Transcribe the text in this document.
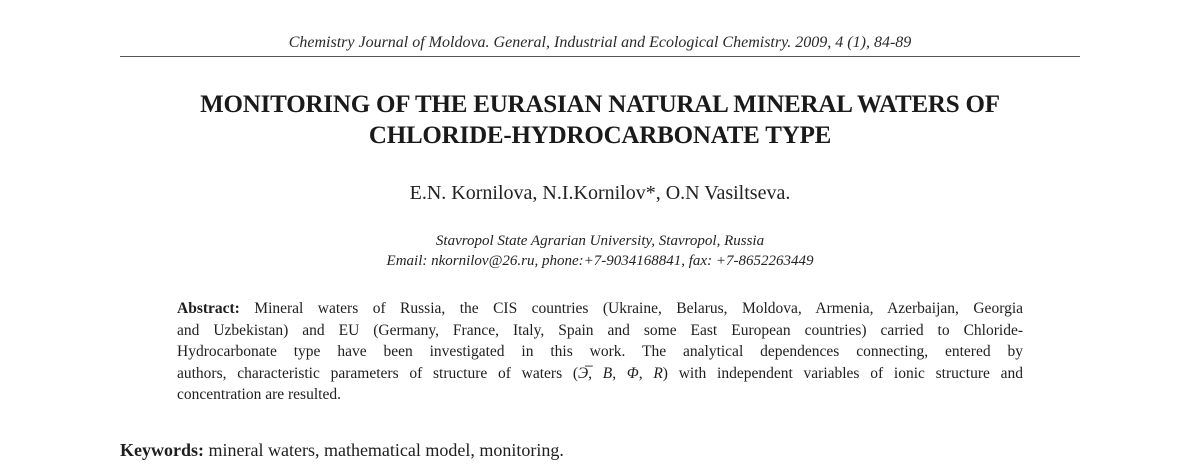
Chemistry Journal of Moldova. General, Industrial and Ecological Chemistry. 2009, 4 (1), 84-89
MONITORING OF THE EURASIAN NATURAL MINERAL WATERS OF
CHLORIDE-HYDROCARBONATE TYPE
E.N. Kornilova, N.I.Kornilov*, O.N Vasiltseva.
Stavropol State Agrarian University, Stavropol, Russia
Email: nkornilov@26.ru, phone:+7-9034168841, fax: +7-8652263449
Abstract: Mineral waters of Russia, the CIS countries (Ukraine, Belarus, Moldova, Armenia, Azerbaijan, Georgia
and Uzbekistan) and EU (Germany, France, Italy, Spain and some East European countries) carried to Chloride-
Hydrocarbonate type have been investigated in this work. The analytical dependences connecting, entered by
authors, characteristic parameters of structure of waters (Э̅, B, Φ, R) with independent variables of ionic structure and
concentration are resulted.
Keywords: mineral waters, mathematical model, monitoring.
